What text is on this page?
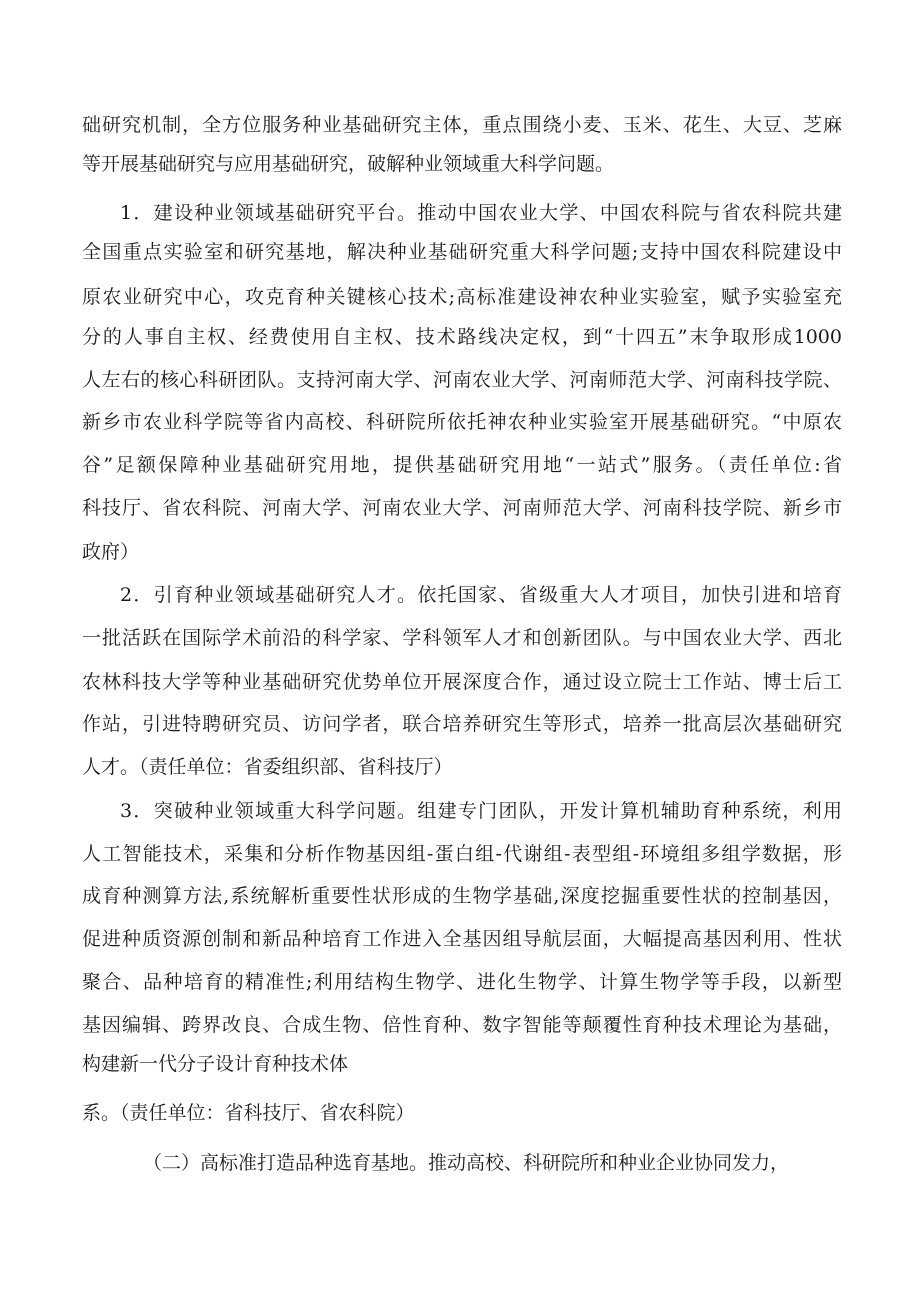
础研究机制，全方位服务种业基础研究主体，重点围绕小麦、玉米、花生、大豆、芝麻
等开展基础研究与应用基础研究，破解种业领域重大科学问题。
1．建设种业领域基础研究平台。推动中国农业大学、中国农科院与省农科院共建
全国重点实验室和研究基地，解决种业基础研究重大科学问题;支持中国农科院建设中
原农业研究中心，攻克育种关键核心技术;高标准建设神农种业实验室，赋予实验室充
分的人事自主权、经费使用自主权、技术路线决定权，到“十四五”末争取形成1000
人左右的核心科研团队。支持河南大学、河南农业大学、河南师范大学、河南科技学院、
新乡市农业科学院等省内高校、科研院所依托神农种业实验室开展基础研究。“中原农
谷”足额保障种业基础研究用地，提供基础研究用地“一站式”服务。（责任单位:省
科技厅、省农科院、河南大学、河南农业大学、河南师范大学、河南科技学院、新乡市
政府）
2．引育种业领域基础研究人才。依托国家、省级重大人才项目，加快引进和培育
一批活跃在国际学术前沿的科学家、学科领军人才和创新团队。与中国农业大学、西北
农林科技大学等种业基础研究优势单位开展深度合作，通过设立院士工作站、博士后工
作站，引进特聘研究员、访问学者，联合培养研究生等形式，培养一批高层次基础研究
人才。（责任单位：省委组织部、省科技厅）
3．突破种业领域重大科学问题。组建专门团队，开发计算机辅助育种系统，利用
人工智能技术，采集和分析作物基因组-蛋白组-代谢组-表型组-环境组多组学数据，形
成育种测算方法,系统解析重要性状形成的生物学基础,深度挖掘重要性状的控制基因，
促进种质资源创制和新品种培育工作进入全基因组导航层面，大幅提高基因利用、性状
聚合、品种培育的精准性;利用结构生物学、进化生物学、计算生物学等手段，以新型
基因编辑、跨界改良、合成生物、倍性育种、数字智能等颠覆性育种技术理论为基础，
构建新一代分子设计育种技术体
系。（责任单位：省科技厅、省农科院）
（二）高标准打造品种选育基地。推动高校、科研院所和种业企业协同发力，
